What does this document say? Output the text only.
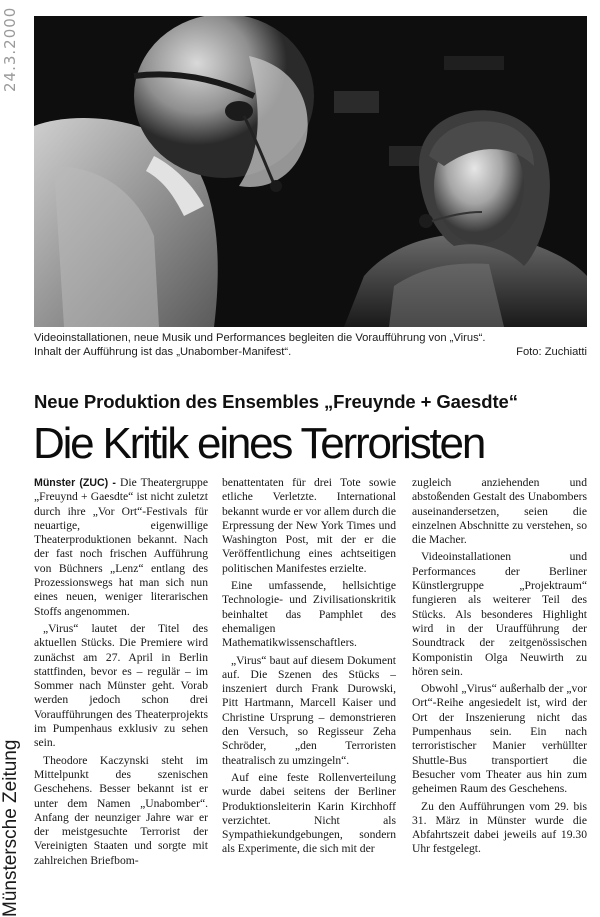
24.3.2000
Münstersche Zeitung
Videoinstallationen, neue Musik und Performances begleiten die Voraufführung von „Virus“.
Inhalt der Aufführung ist das „Unabomber-Manifest“.	Foto: Zuchiatti
Neue Produktion des Ensembles „Freuynde + Gaesdte“
Die Kritik eines Terroristen

Münster (ZUC) - Die Theatergruppe „Freuynd + Gaesdte“ ist nicht zuletzt durch ihre „Vor Ort“-Festivals für neuartige, eigenwillige Theaterproduktionen bekannt. Nach der fast noch frischen Aufführung von Büchners „Lenz“ entlang des Prozessionswegs hat man sich nun eines neuen, weniger literarischen Stoffs angenommen.

„Virus“ lautet der Titel des aktuellen Stücks. Die Premiere wird zunächst am 27. April in Berlin stattfinden, bevor es – regulär – im Sommer nach Münster geht. Vorab werden jedoch schon drei Voraufführungen des Theaterprojekts im Pumpenhaus exklusiv zu sehen sein.

Theodore Kaczynski steht im Mittelpunkt des szenischen Geschehens. Besser bekannt ist er unter dem Namen „Unabomber“. Anfang der neunziger Jahre war er der meistgesuchte Terrorist der Vereinigten Staaten und sorgte mit zahlreichen Briefbom-

benattentaten für drei Tote sowie etliche Verletzte. International bekannt wurde er vor allem durch die Erpressung der New York Times und Washington Post, mit der er die Veröffentlichung eines achtseitigen politischen Manifestes erzielte.

Eine umfassende, hellsichtige Technologie- und Zivilisationskritik beinhaltet das Pamphlet des ehemaligen Mathematikwissenschaftlers.

„Virus“ baut auf diesem Dokument auf. Die Szenen des Stücks – inszeniert durch Frank Durowski, Pitt Hartmann, Marcell Kaiser und Christine Ursprung – demonstrieren den Versuch, so Regisseur Zeha Schröder, „den Terroristen theatralisch zu umzingeln“.

Auf eine feste Rollenverteilung wurde dabei seitens der Berliner Produktionsleiterin Karin Kirchhoff verzichtet. Nicht als Sympathiekundgebungen, sondern als Experimente, die sich mit der

zugleich anziehenden und abstoßenden Gestalt des Unabombers auseinandersetzen, seien die einzelnen Abschnitte zu verstehen, so die Macher.

Videoinstallationen und Performances der Berliner Künstlergruppe „Projektraum“ fungieren als weiterer Teil des Stücks. Als besonderes Highlight wird in der Uraufführung der Soundtrack der zeitgenössischen Komponistin Olga Neuwirth zu hören sein.

Obwohl „Virus“ außerhalb der „vor Ort“-Reihe angesiedelt ist, wird der Ort der Inszenierung nicht das Pumpenhaus sein. Ein nach terroristischer Manier verhüllter Shuttle-Bus transportiert die Besucher vom Theater aus hin zum geheimen Raum des Geschehens.

Zu den Aufführungen vom 29. bis 31. März in Münster wurde die Abfahrtszeit dabei jeweils auf 19.30 Uhr festgelegt.
